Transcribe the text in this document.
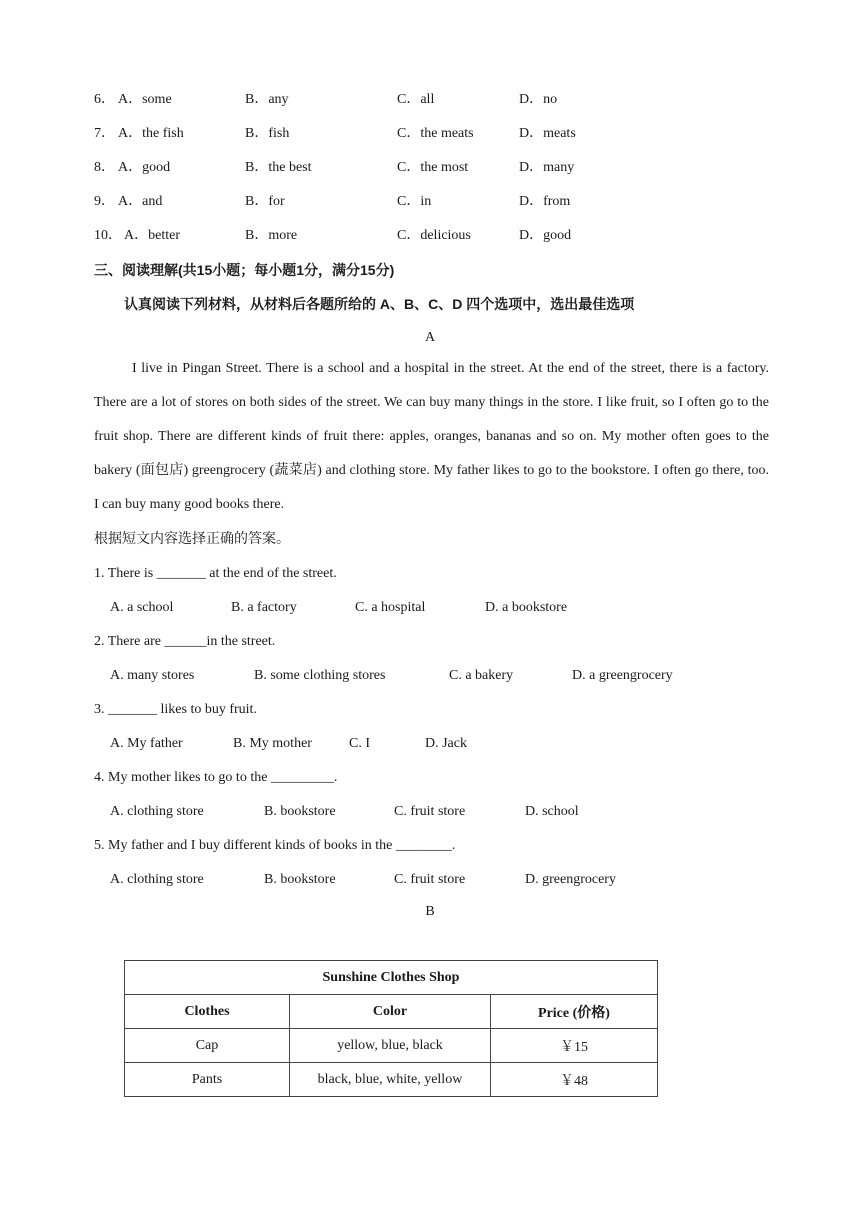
6． A．some	B．any	C．all	D．no
7． A．the fish	B．fish	C．the meats	D．meats
8． A．good	B．the best	C．the most	D．many
9． A．and	B．for	C．in	D．from
10． A．better	B．more	C．delicious	D．good
三、阅读理解(共15小题；每小题1分，满分15分)
认真阅读下列材料，从材料后各题所给的 A、B、C、D 四个选项中，选出最佳选项
A
I live in Pingan Street. There is a school and a hospital in the street. At the end of the street, there is a factory. There are a lot of stores on both sides of the street. We can buy many things in the store. I like fruit, so I often go to the fruit shop. There are different kinds of fruit there: apples, oranges, bananas and so on. My mother often goes to the bakery (面包店) greengrocery (蔬菜店) and clothing store. My father likes to go to the bookstore. I often go there, too. I can buy many good books there.
根据短文内容选择正确的答案。
1. There is _______ at the end of the street.
A. a school	B. a factory	C. a hospital	D. a bookstore
2. There are ______in the street.
A. many stores	B. some clothing stores	C. a bakery	D. a greengrocery
3. _______ likes to buy fruit.
A. My father	B. My mother	C. I	D. Jack
4. My mother likes to go to the _________.
A. clothing store	B. bookstore	C. fruit store	D. school
5. My father and I buy different kinds of books in the ________.
A. clothing store	B. bookstore	C. fruit store	D. greengrocery
B
Sunshine Clothes Shop		
Clothes	Color	Price (价格)
Cap	yellow, blue, black	￥15
Pants	black, blue, white, yellow	￥48
